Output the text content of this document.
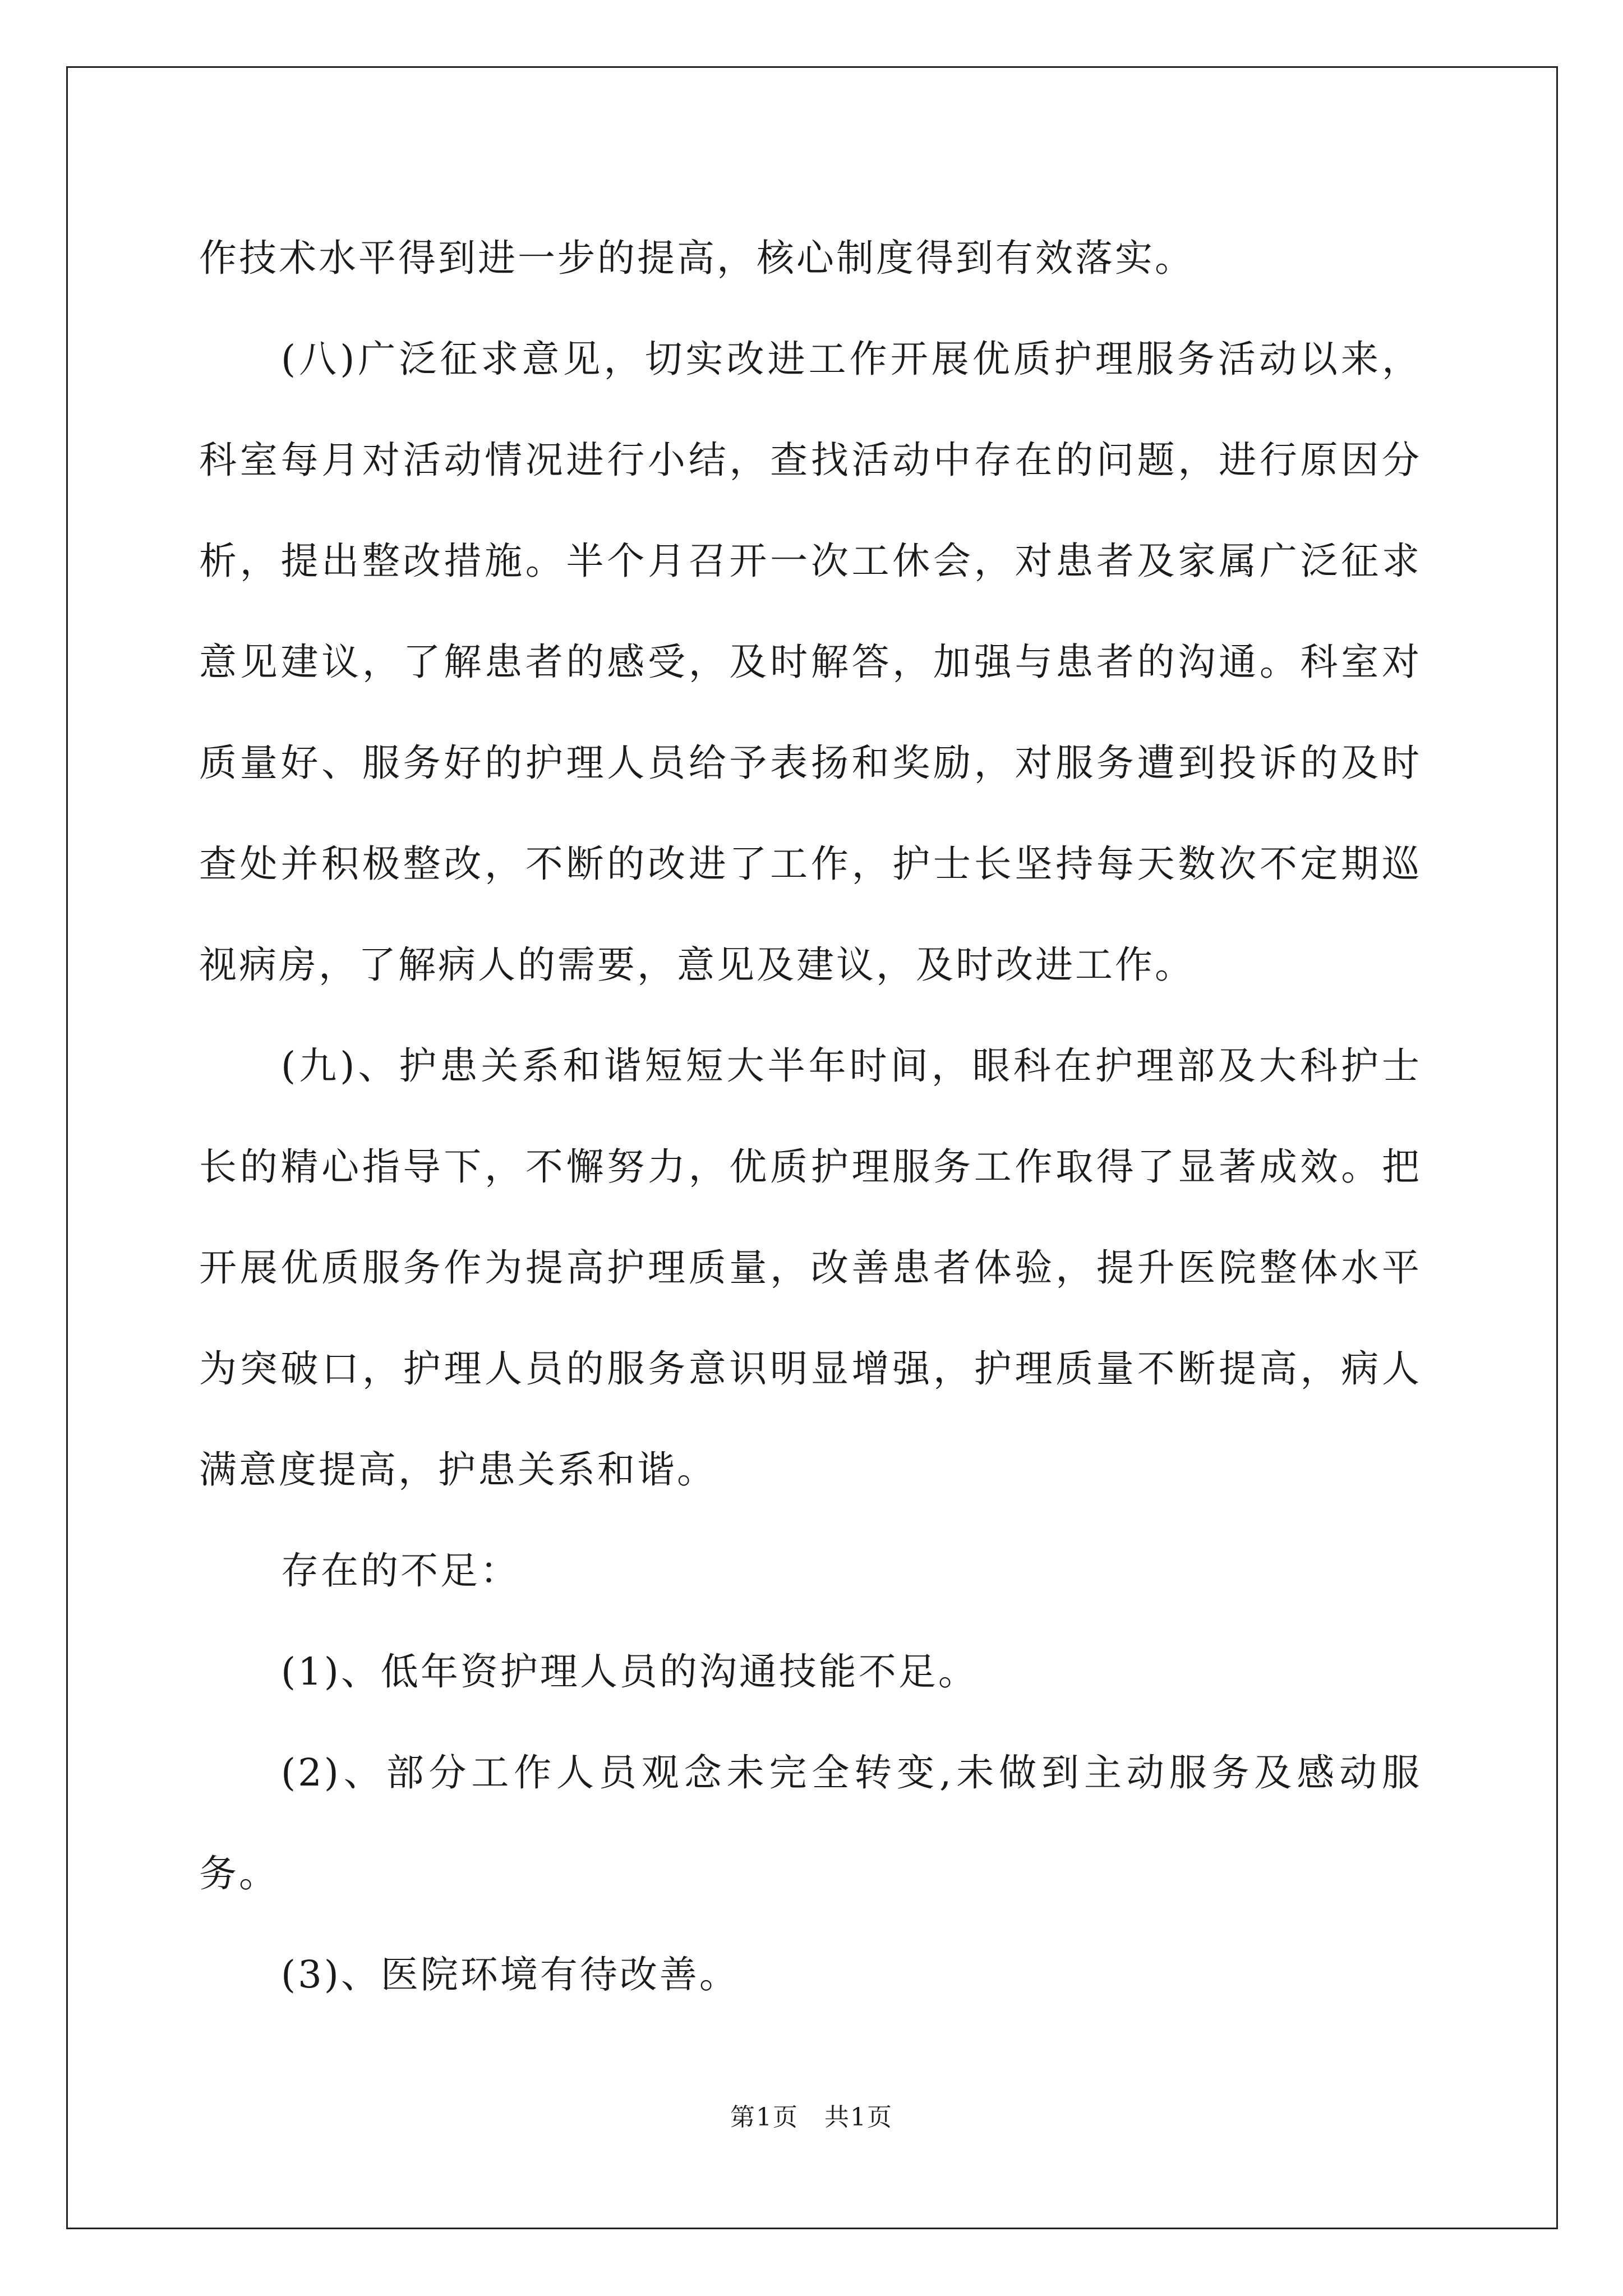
作技术水平得到进一步的提高，核心制度得到有效落实。

(八)广泛征求意见，切实改进工作开展优质护理服务活动以来，科室每月对活动情况进行小结，查找活动中存在的问题，进行原因分析，提出整改措施。半个月召开一次工休会，对患者及家属广泛征求意见建议，了解患者的感受，及时解答，加强与患者的沟通。科室对质量好、服务好的护理人员给予表扬和奖励，对服务遭到投诉的及时查处并积极整改，不断的改进了工作，护士长坚持每天数次不定期巡视病房，了解病人的需要，意见及建议，及时改进工作。

(九)、护患关系和谐短短大半年时间，眼科在护理部及大科护士长的精心指导下，不懈努力，优质护理服务工作取得了显著成效。把开展优质服务作为提高护理质量，改善患者体验，提升医院整体水平为突破口，护理人员的服务意识明显增强，护理质量不断提高，病人满意度提高，护患关系和谐。

存在的不足：

(1)、低年资护理人员的沟通技能不足。

(2)、部分工作人员观念未完全转变,未做到主动服务及感动服务。

(3)、医院环境有待改善。

第1页　共1页
